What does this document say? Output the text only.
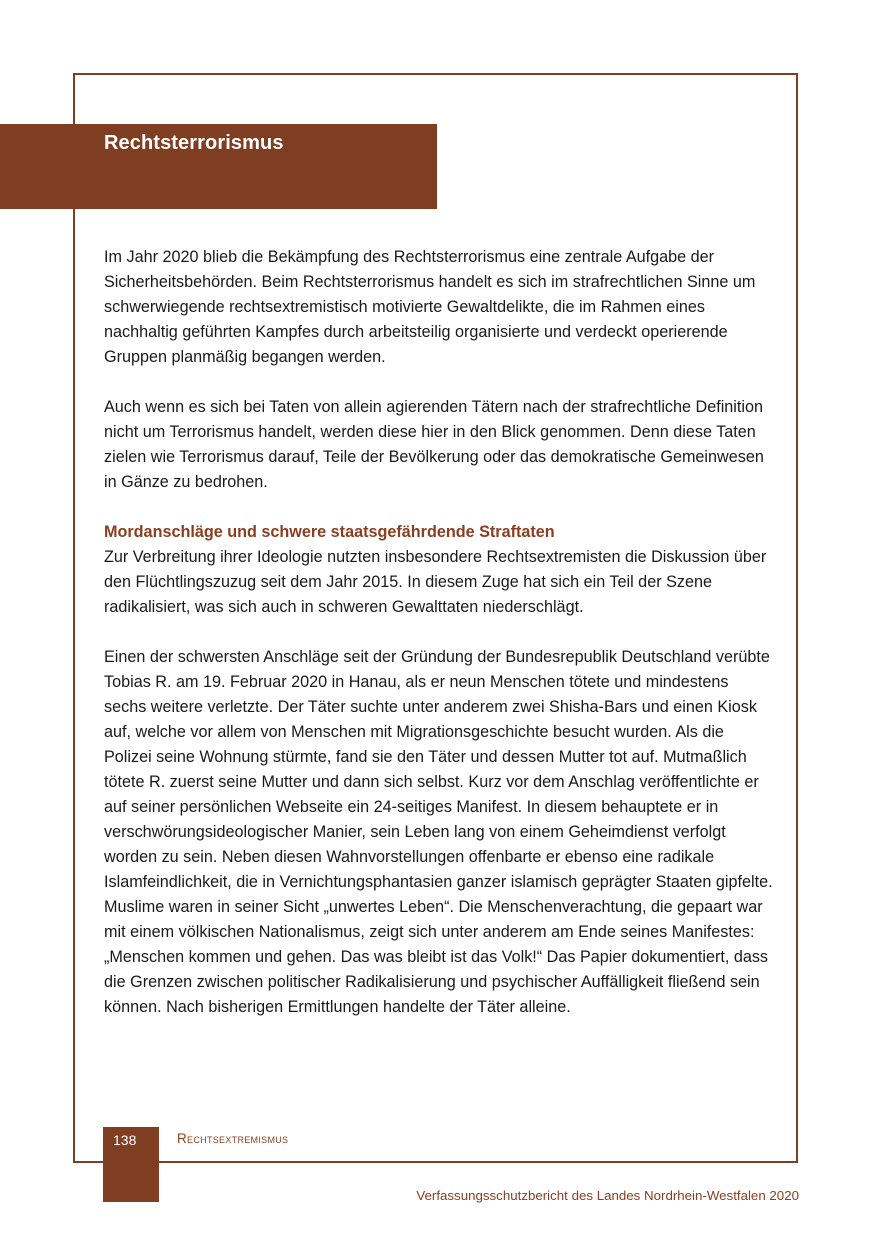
Rechtsterrorismus

Im Jahr 2020 blieb die Bekämpfung des Rechtsterrorismus eine zentrale Aufgabe der Sicherheitsbehörden. Beim Rechtsterrorismus handelt es sich im strafrechtlichen Sinne um schwerwiegende rechtsextremistisch motivierte Gewaltdelikte, die im Rahmen eines nachhaltig geführten Kampfes durch arbeitsteilig organisierte und verdeckt operierende Gruppen planmäßig begangen werden.

Auch wenn es sich bei Taten von allein agierenden Tätern nach der strafrechtliche Definition nicht um Terrorismus handelt, werden diese hier in den Blick genommen. Denn diese Taten zielen wie Terrorismus darauf, Teile der Bevölkerung oder das demokratische Gemeinwesen in Gänze zu bedrohen.

Mordanschläge und schwere staatsgefährdende Straftaten

Zur Verbreitung ihrer Ideologie nutzten insbesondere Rechtsextremisten die Diskussion über den Flüchtlingszuzug seit dem Jahr 2015. In diesem Zuge hat sich ein Teil der Szene radikalisiert, was sich auch in schweren Gewalttaten niederschlägt.

Einen der schwersten Anschläge seit der Gründung der Bundesrepublik Deutschland verübte Tobias R. am 19. Februar 2020 in Hanau, als er neun Menschen tötete und mindestens sechs weitere verletzte. Der Täter suchte unter anderem zwei Shisha-Bars und einen Kiosk auf, welche vor allem von Menschen mit Migrationsgeschichte besucht wurden. Als die Polizei seine Wohnung stürmte, fand sie den Täter und dessen Mutter tot auf. Mutmaßlich tötete R. zuerst seine Mutter und dann sich selbst. Kurz vor dem Anschlag veröffentlichte er auf seiner persönlichen Webseite ein 24-seitiges Manifest. In diesem behauptete er in verschwörungsideologischer Manier, sein Leben lang von einem Geheimdienst verfolgt worden zu sein. Neben diesen Wahnvorstellungen offenbarte er ebenso eine radikale Islamfeindlichkeit, die in Vernichtungsphantasien ganzer islamisch geprägter Staaten gipfelte. Muslime waren in seiner Sicht „unwertes Leben“. Die Menschenverachtung, die gepaart war mit einem völkischen Nationalismus, zeigt sich unter anderem am Ende seines Manifestes: „Menschen kommen und gehen. Das was bleibt ist das Volk!“ Das Papier dokumentiert, dass die Grenzen zwischen politischer Radikalisierung und psychischer Auffälligkeit fließend sein können. Nach bisherigen Ermittlungen handelte der Täter alleine.

138	Rechtsextremismus
Verfassungsschutzbericht des Landes Nordrhein-Westfalen 2020
